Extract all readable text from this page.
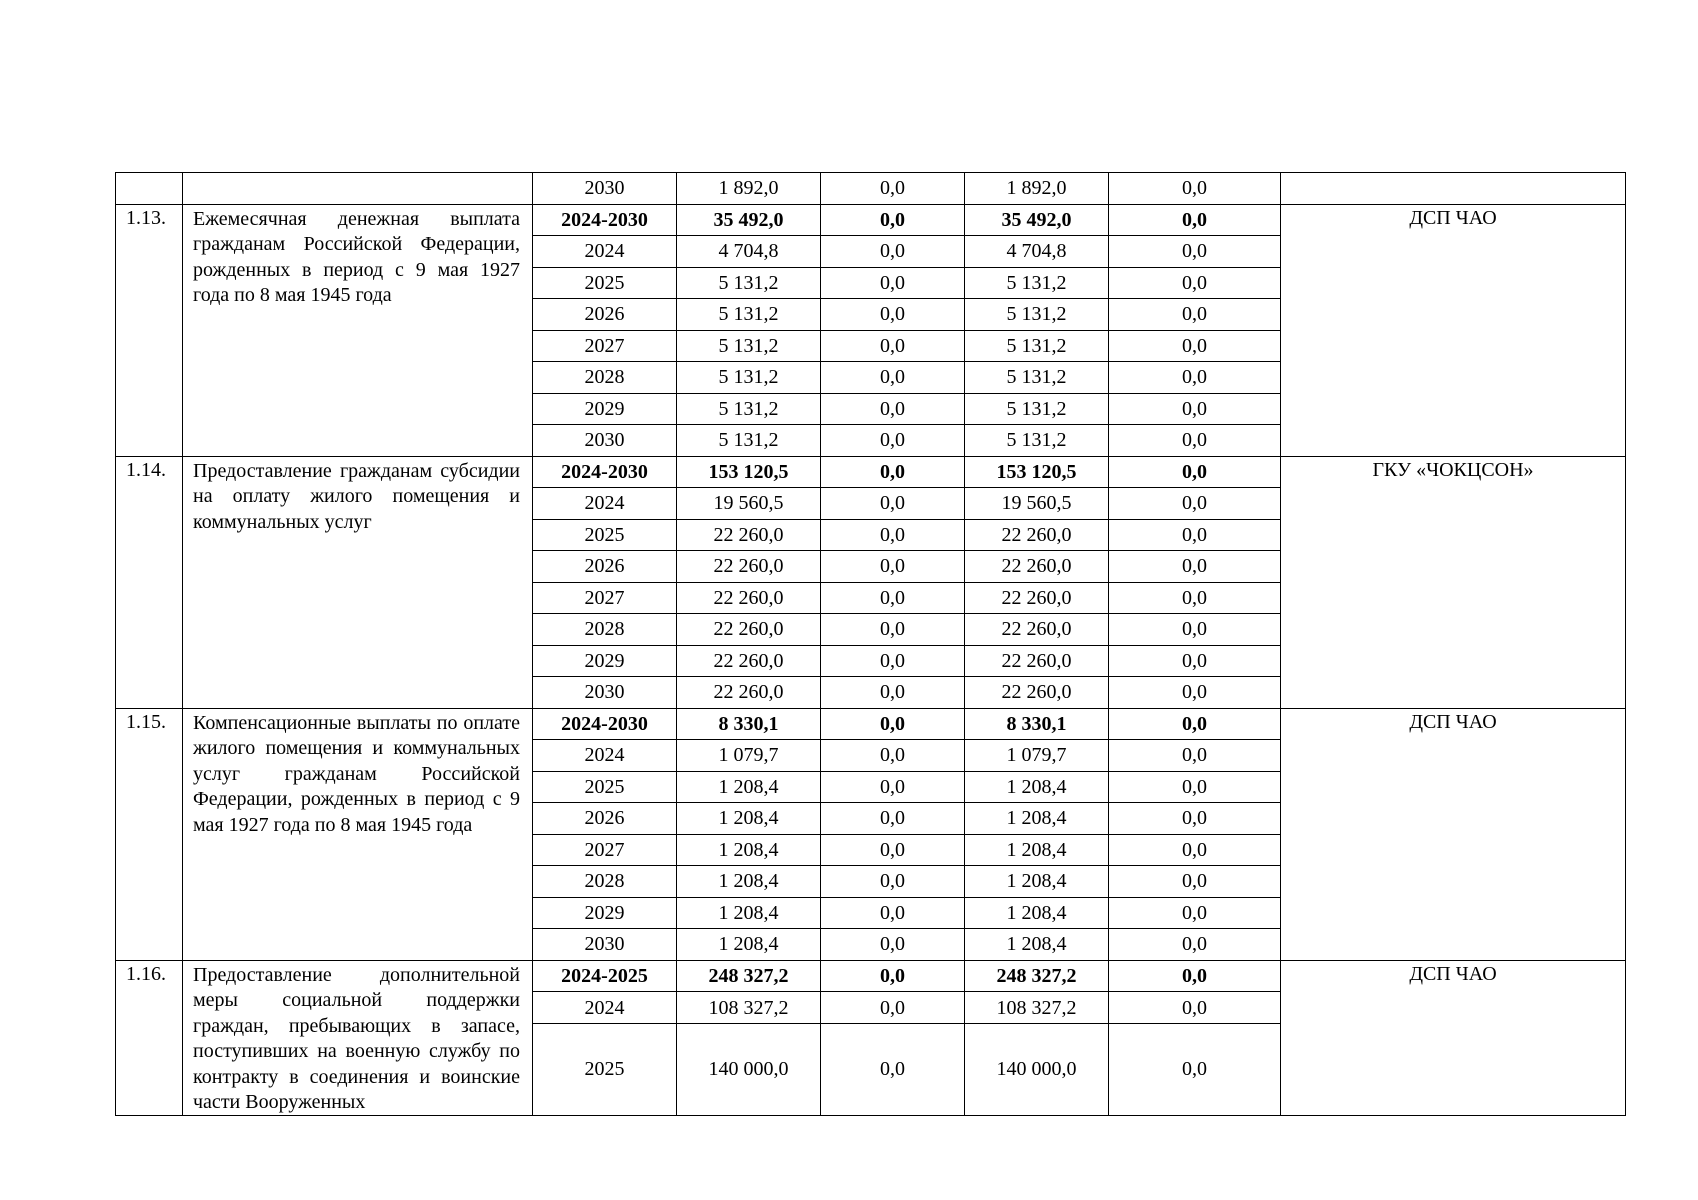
		2030	1 892,0	0,0	1 892,0	0,0	
1.13.	Ежемесячная денежная выплата гражданам Российской Федерации, рожденных в период с 9 мая 1927 года по 8 мая 1945 года	2024-2030	35 492,0	0,0	35 492,0	0,0	ДСП ЧАО
		2024	4 704,8	0,0	4 704,8	0,0	
		2025	5 131,2	0,0	5 131,2	0,0	
		2026	5 131,2	0,0	5 131,2	0,0	
		2027	5 131,2	0,0	5 131,2	0,0	
		2028	5 131,2	0,0	5 131,2	0,0	
		2029	5 131,2	0,0	5 131,2	0,0	
		2030	5 131,2	0,0	5 131,2	0,0	
1.14.	Предоставление гражданам субсидии на оплату жилого помещения и коммунальных услуг	2024-2030	153 120,5	0,0	153 120,5	0,0	ГКУ «ЧОКЦСОН»
		2024	19 560,5	0,0	19 560,5	0,0	
		2025	22 260,0	0,0	22 260,0	0,0	
		2026	22 260,0	0,0	22 260,0	0,0	
		2027	22 260,0	0,0	22 260,0	0,0	
		2028	22 260,0	0,0	22 260,0	0,0	
		2029	22 260,0	0,0	22 260,0	0,0	
		2030	22 260,0	0,0	22 260,0	0,0	
1.15.	Компенсационные выплаты по оплате жилого помещения и коммунальных услуг гражданам Российской Федерации, рожденных в период с 9 мая 1927 года по 8 мая 1945 года	2024-2030	8 330,1	0,0	8 330,1	0,0	ДСП ЧАО
		2024	1 079,7	0,0	1 079,7	0,0	
		2025	1 208,4	0,0	1 208,4	0,0	
		2026	1 208,4	0,0	1 208,4	0,0	
		2027	1 208,4	0,0	1 208,4	0,0	
		2028	1 208,4	0,0	1 208,4	0,0	
		2029	1 208,4	0,0	1 208,4	0,0	
		2030	1 208,4	0,0	1 208,4	0,0	
1.16.	Предоставление дополнительной меры социальной поддержки граждан, пребывающих в запасе, поступивших на военную службу по контракту в соединения и воинские части Вооруженных	2024-2025	248 327,2	0,0	248 327,2	0,0	ДСП ЧАО
		2024	108 327,2	0,0	108 327,2	0,0	
		2025	140 000,0	0,0	140 000,0	0,0	
